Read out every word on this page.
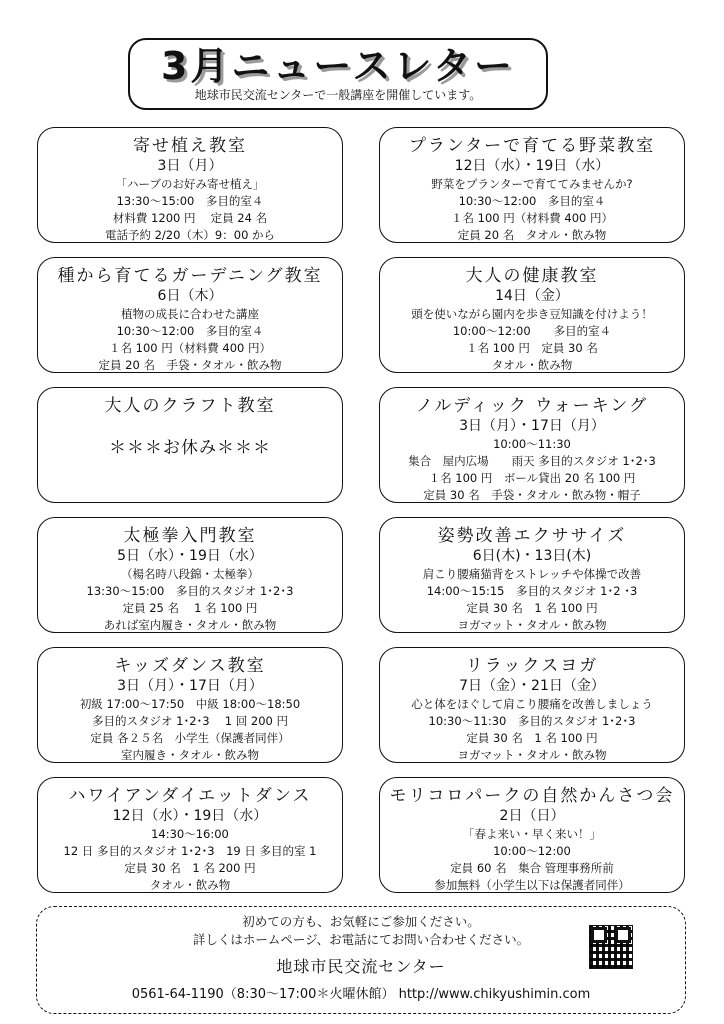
3月ニュースレター
地球市民交流センターで一般講座を開催しています。
寄せ植え教室
3日（月）
「ハーブのお好み寄せ植え」
13:30〜15:00　多目的室４
材料費 1200 円　 定員 24 名
電話予約 2/20（木）9：00 から
プランターで育てる野菜教室
12日（水）・19日（水）
野菜をプランターで育ててみませんか?
10:30〜12:00　多目的室４
１名 100 円（材料費 400 円）
定員 20 名　タオル・飲み物
種から育てるガーデニング教室
6日（木）
植物の成長に合わせた講座
10:30〜12:00　多目的室４
１名 100 円（材料費 400 円）
定員 20 名　手袋・タオル・飲み物
大人の健康教室
14日（金）
頭を使いながら園内を歩き豆知識を付けよう！
10:00〜12:00　　多目的室４
１名 100 円　定員 30 名
タオル・飲み物
大人のクラフト教室
＊＊＊お休み＊＊＊
ノルディック ウォーキング
3日（月）・17日（月）
10:00〜11:30
集合　屋内広場　　雨天 多目的スタジオ 1･2･3
１名 100 円　ボール貸出 20 名 100 円
定員 30 名　手袋・タオル・飲み物・帽子
太極拳入門教室
5日（水）・19日（水）
（楊名時八段錦・太極拳）
13:30〜15:00　多目的スタジオ 1･2･3
定員 25 名　 1 名 100 円
あれば室内履き・タオル・飲み物
姿勢改善エクササイズ
6日(木)・13日(木)
肩こり腰痛猫背をストレッチや体操で改善
14:00〜15:15　多目的スタジオ 1･2 ･3
定員 30 名　1 名 100 円
ヨガマット・タオル・飲み物
キッズダンス教室
3日（月）・17日（月）
初級 17:00〜17:50　中級 18:00〜18:50
多目的スタジオ 1･2･3　 1 回 200 円
定員 各２５名　小学生（保護者同伴）
室内履き・タオル・飲み物
リラックスヨガ
7日（金）・21日（金）
心と体をほぐして肩こり腰痛を改善しましょう
10:30〜11:30　多目的スタジオ 1･2･3
定員 30 名　1 名 100 円
ヨガマット・タオル・飲み物
ハワイアンダイエットダンス
12日（水）・19日（水）
14:30〜16:00
12 日 多目的スタジオ 1･2･3　19 日 多目的室 1
定員 30 名　1 名 200 円
タオル・飲み物
モリコロパークの自然かんさつ会
2日（日）
「春よ来い・早く来い！」
10:00〜12:00
定員 60 名　集合 管理事務所前
参加無料（小学生以下は保護者同伴）
初めての方も、お気軽にご参加ください。
詳しくはホームページ、お電話にてお問い合わせください。
地球市民交流センター
0561-64-1190（8:30〜17:00＊火曜休館） http://www.chikyushimin.com
